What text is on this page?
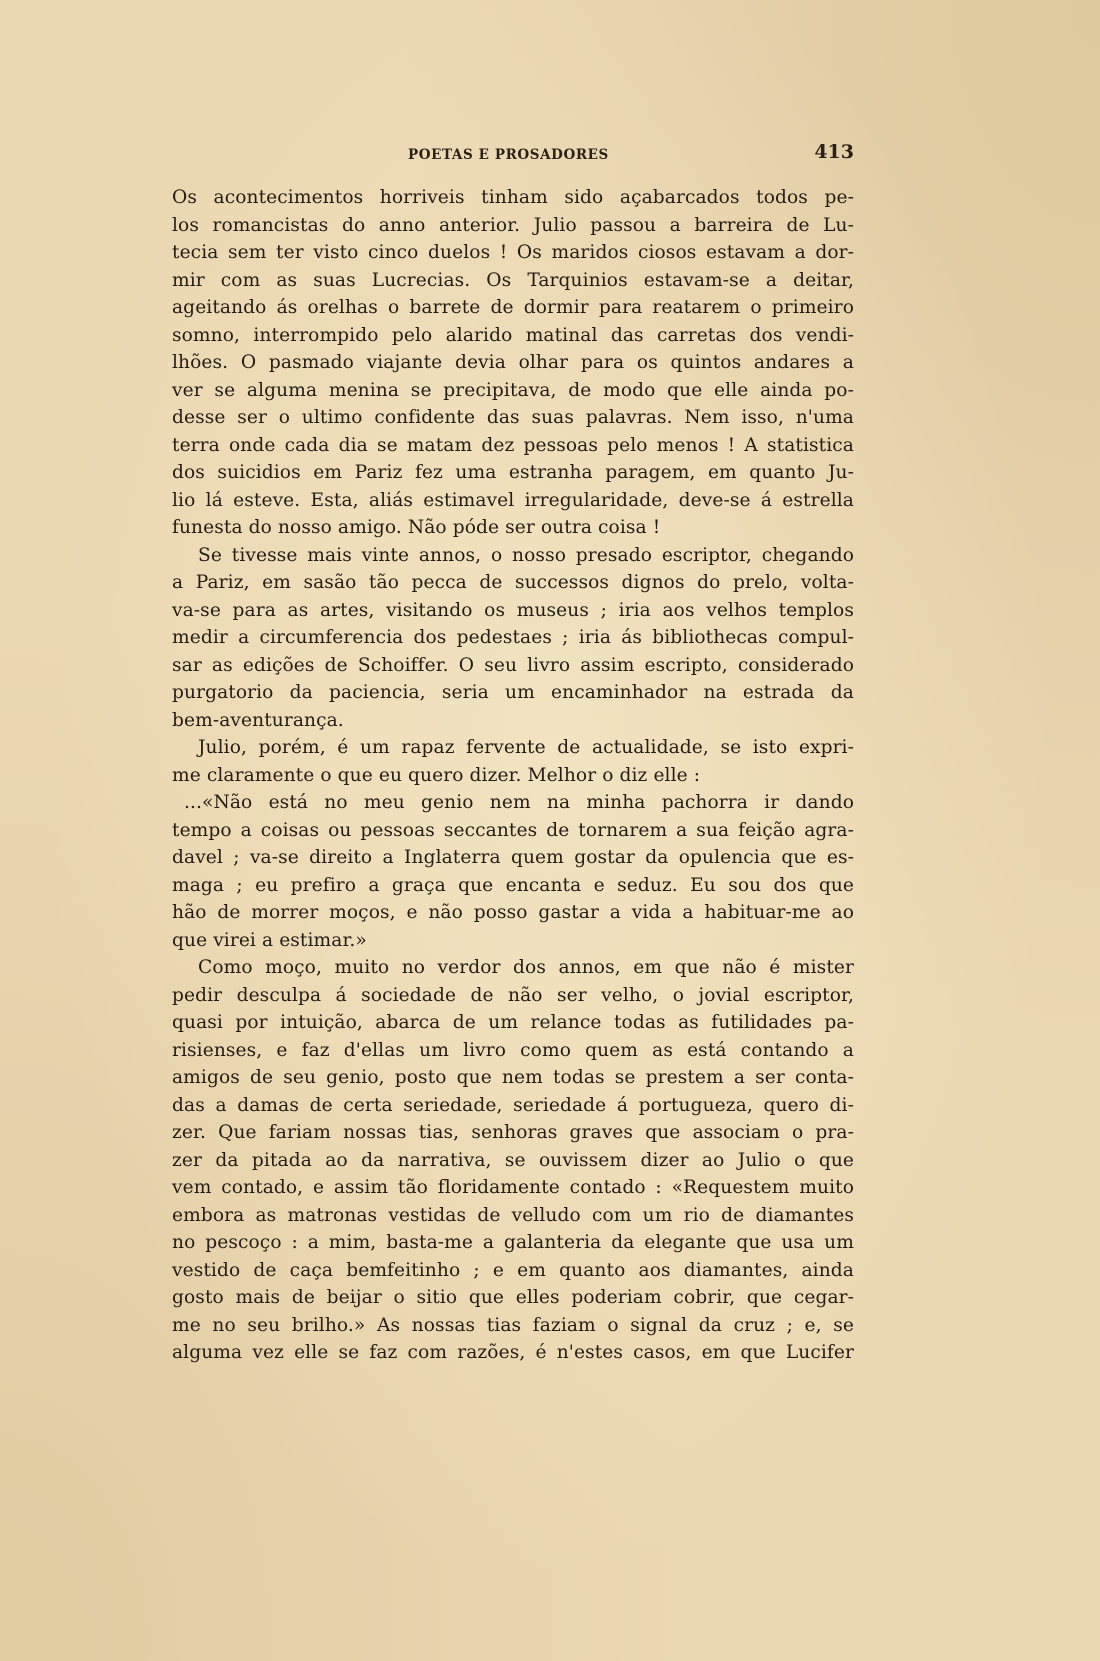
POETAS E PROSADORES	413
Os acontecimentos horriveis tinham sido açabarcados todos pe-
los romancistas do anno anterior. Julio passou a barreira de Lu-
tecia sem ter visto cinco duelos ! Os maridos ciosos estavam a dor-
mir com as suas Lucrecias. Os Tarquinios estavam-se a deitar,
ageitando ás orelhas o barrete de dormir para reatarem o primeiro
somno, interrompido pelo alarido matinal das carretas dos vendi-
lhões. O pasmado viajante devia olhar para os quintos andares a
ver se alguma menina se precipitava, de modo que elle ainda po-
desse ser o ultimo confidente das suas palavras. Nem isso, n'uma
terra onde cada dia se matam dez pessoas pelo menos ! A statistica
dos suicidios em Pariz fez uma estranha paragem, em quanto Ju-
lio lá esteve. Esta, aliás estimavel irregularidade, deve-se á estrella
funesta do nosso amigo. Não póde ser outra coisa !
Se tivesse mais vinte annos, o nosso presado escriptor, chegando
a Pariz, em sasão tão pecca de successos dignos do prelo, volta-
va-se para as artes, visitando os museus ; iria aos velhos templos
medir a circumferencia dos pedestaes ; iria ás bibliothecas compul-
sar as edições de Schoiffer. O seu livro assim escripto, considerado
purgatorio da paciencia, seria um encaminhador na estrada da
bem-aventurança.
Julio, porém, é um rapaz fervente de actualidade, se isto expri-
me claramente o que eu quero dizer. Melhor o diz elle :
...«Não está no meu genio nem na minha pachorra ir dando
tempo a coisas ou pessoas seccantes de tornarem a sua feição agra-
davel ; va-se direito a Inglaterra quem gostar da opulencia que es-
maga ; eu prefiro a graça que encanta e seduz. Eu sou dos que
hão de morrer moços, e não posso gastar a vida a habituar-me ao
que virei a estimar.»
Como moço, muito no verdor dos annos, em que não é mister
pedir desculpa á sociedade de não ser velho, o jovial escriptor,
quasi por intuição, abarca de um relance todas as futilidades pa-
risienses, e faz d'ellas um livro como quem as está contando a
amigos de seu genio, posto que nem todas se prestem a ser conta-
das a damas de certa seriedade, seriedade á portugueza, quero di-
zer. Que fariam nossas tias, senhoras graves que associam o pra-
zer da pitada ao da narrativa, se ouvissem dizer ao Julio o que
vem contado, e assim tão floridamente contado : «Requestem muito
embora as matronas vestidas de velludo com um rio de diamantes
no pescoço : a mim, basta-me a galanteria da elegante que usa um
vestido de caça bemfeitinho ; e em quanto aos diamantes, ainda
gosto mais de beijar o sitio que elles poderiam cobrir, que cegar-
me no seu brilho.» As nossas tias faziam o signal da cruz ; e, se
alguma vez elle se faz com razões, é n'estes casos, em que Lucifer
